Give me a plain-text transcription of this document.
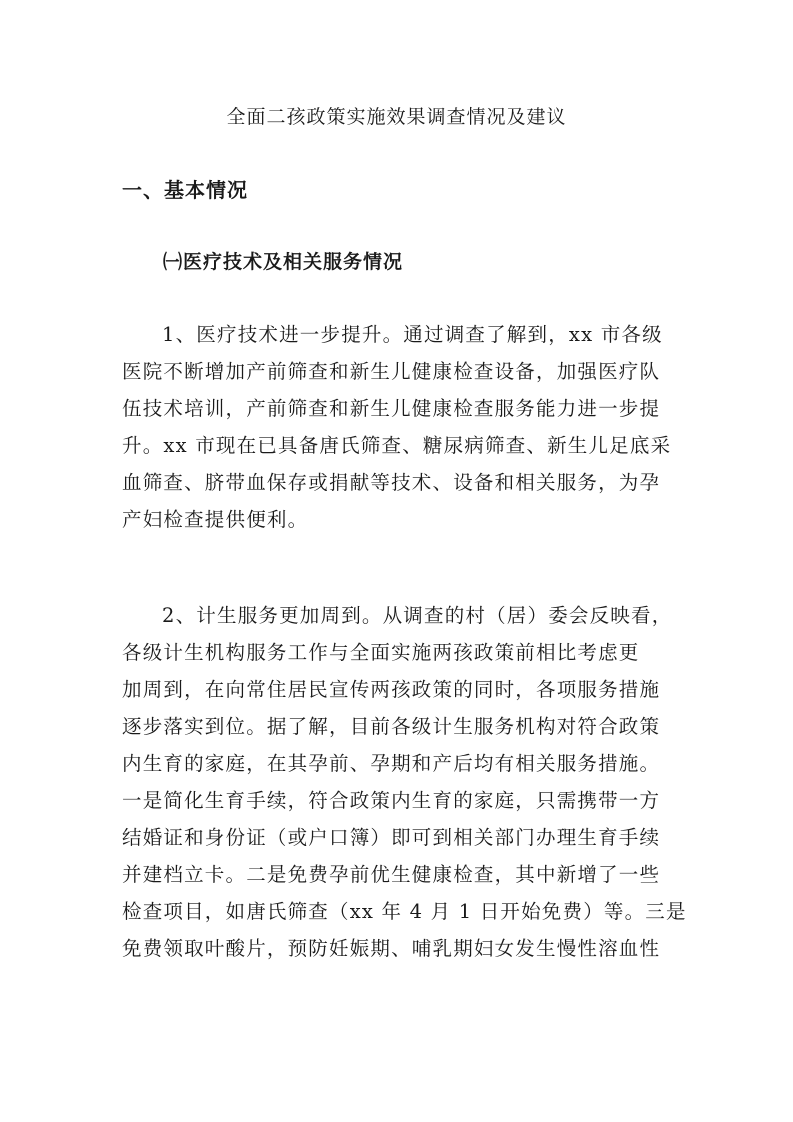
全面二孩政策实施效果调查情况及建议
一、基本情况
㈠医疗技术及相关服务情况
1、医疗技术进一步提升。通过调查了解到，xx 市各级
医院不断增加产前筛查和新生儿健康检查设备，加强医疗队
伍技术培训，产前筛查和新生儿健康检查服务能力进一步提
升。xx 市现在已具备唐氏筛查、糖尿病筛查、新生儿足底采
血筛查、脐带血保存或捐献等技术、设备和相关服务，为孕
产妇检查提供便利。
2、计生服务更加周到。从调查的村（居）委会反映看，
各级计生机构服务工作与全面实施两孩政策前相比考虑更
加周到，在向常住居民宣传两孩政策的同时，各项服务措施
逐步落实到位。据了解，目前各级计生服务机构对符合政策
内生育的家庭，在其孕前、孕期和产后均有相关服务措施。
一是简化生育手续，符合政策内生育的家庭，只需携带一方
结婚证和身份证（或户口簿）即可到相关部门办理生育手续
并建档立卡。二是免费孕前优生健康检查，其中新增了一些
检查项目，如唐氏筛查（xx 年 4 月 1 日开始免费）等。三是
免费领取叶酸片，预防妊娠期、哺乳期妇女发生慢性溶血性
